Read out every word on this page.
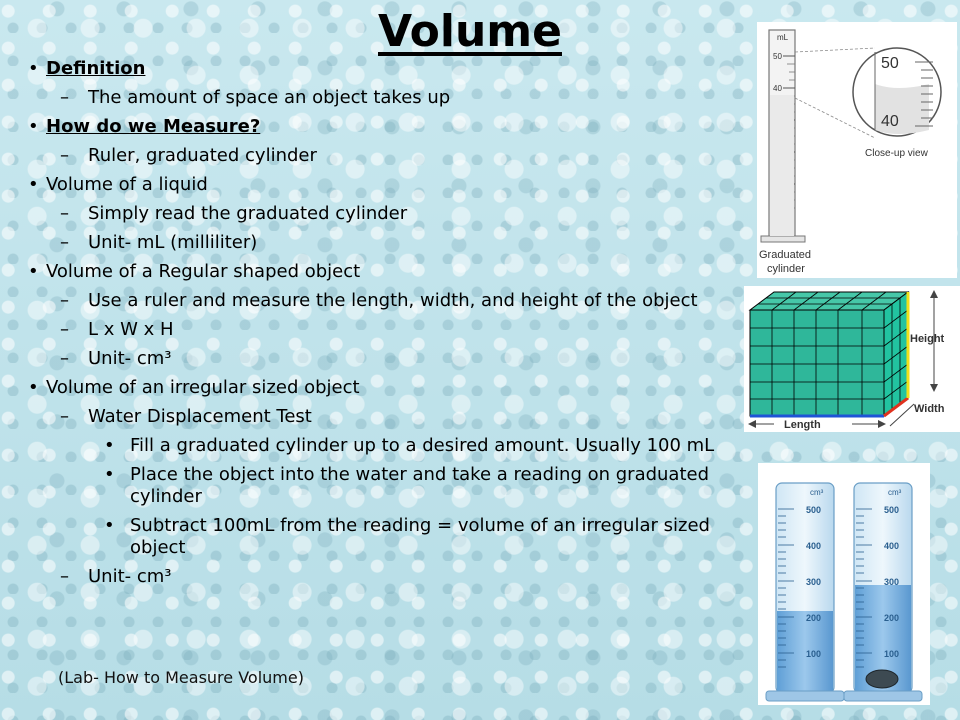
Volume
• Definition
– The amount of space an object takes up
• How do we Measure?
– Ruler, graduated cylinder
• Volume of a liquid
– Simply read the graduated cylinder
– Unit- mL (milliliter)
• Volume of a Regular shaped object
– Use a ruler and measure the length, width, and height of the object
– L x W x H
– Unit- cm³
• Volume of an irregular sized object
– Water Displacement Test
• Fill a graduated cylinder up to a desired amount. Usually 100 mL
• Place the object into the water and take a reading on graduated cylinder
• Subtract 100mL from the reading = volume of an irregular sized object
– Unit- cm³
(Lab- How to Measure Volume)
mL
50
40
50
40
Close-up view
Graduated
cylinder
Height
Width
Length
cm³
500
400
300
200
100
cm³
500
400
300
200
100
